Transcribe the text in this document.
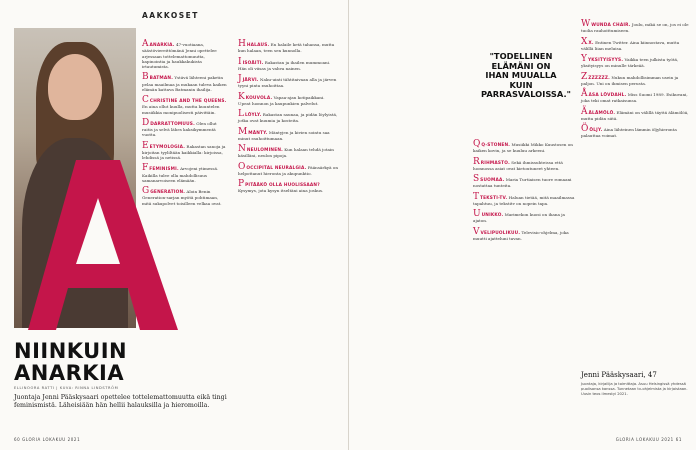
AAKKOSET
NIINKUIN
ANARKIA
ELLINOORA RATTI | KUVA: RINNA LINDSTRÖM
Juontaja Jenni Pääskysaari opettelee tottelemattomuutta eikä tingi feminismistä. Läheisiään hän hellii halauksilla ja hieromoilla.
AANARKIA. 47-vuotiaana, säästöviereittömänä Jenni opettelee arjessaan tottelemattomuutta, kapinointia ja haukkakukista irtautumista.
BBATMAN. Ystävä lähteeni paketin pelaa maailmaa ja mukaan tuleva kaiken elämän kattava Batmanin ihailija.
CCHRISTINE AND THE QUEENS. En aina ollut kuulla, mutta kuuntelen musiikkia monipuolisesti päivittäin.
DDARRATTOMUUS. Olen ollut raitis ja selvä lähes kaksikymmentä vuotta.
EETYMOLOGIA. Rakastan sanoja ja kirjoitan tyyliltään kaikkialla: kirjoissa, lehdissä ja netissä.
FFEMINISMI. Arvojeni ytimessä. Kaikilla tulee olla mahdollisuus samanarvoiseen elämään.
GGENERATION. Aloin Benin Generation-sarjan myötä pohtimaan, mitä sukupolvet toisilleen velkaa ovat.
HHALAUS. En halaile ketä tahansa, mutta kun halaan, teen sen kunnolla.
IISOÄITI. Rakastan ja ihailen mummoani. Hän oli viisas ja vahva nainen.
JJÄRVI. Naku-uinti tähtitaivaan alla ja järven tyyni pinta rauhoittaa.
KKOUVOLA. Vapaa-ajan kotipaikkani. Upeat luonnon ja kaupunkien palvelut.
LLÖYLY. Rakastan saunaa, ja pidän löylyistä, jotka ovat kuumia ja kosteita.
MMÄNTY. Mäntyjen ja kivien sointu saa minut rauhoittumaan.
NNEULOMINEN. Kun halaan tehdä jotain käsilläni, neulon pipoja.
OOCCIPITAL NEURALGIA. Päänsärkyä on helpottanut hieronta ja akupunktio.
PPITÄÄKÖ OLLA HUOLISSAAN? Kysymys, jota kysyn itseltäni aina joskus.
60 GLORIA LOKAKUU 2021
"TODELLINEN ELÄMÄNI ON IHAN MUUALLA KUIN PARRASVALOISSA."
QQ-STONEN. Musiikki Mikko Kuustosen on kaiken kovin, ja se kuuluu arkeeni.
RRIHMASTO. Sekä ihmissuhteissa että luonnossa asiat ovat kietoutuneet yhteen.
SSUOMAA. Maria Turtiaisen tuore romaani nostattaa tunteita.
TTEKSTI-TV. Haluan tietää, mitä maailmassa tapahtuu, ja tekstitv on nopein tapa.
UUNIKKO. Marimekon kuosi on ihana ja ajaton.
VVELIPUOLIKUU. Televisio-ohjelma, joka muutti ajatteluni tavan.
WWUNDA CHAIR. Joulu, mikä se on, jos ei ole tuolia rauhoittumiseen.
XX. Entinen Twitter. Aina kiinnostava, mutta välillä liian meluisa.
YYKSITYISYYS. Vaikka teen julkista työtä, yksityisyys on minulle tärkeää.
ZZZZZZZ. Nukun mahdollisimman usein ja paljon. Uni on ihmisen perusta.
ÅÅSA LÖVDAHL. Miss Suomi 1989. Esikuvani, joka teki omat ratkaisunsa.
ÄÄLÄMÖLÖ. Elämäni on välillä täyttä älämölöä, mutta pidän siitä.
ÖÖLJY. Aina lähteinen lämmin öljyhieronta palauttaa voimat.
Jenni Pääskysaari, 47
Juontaja, kirjailija ja toimittaja. Asuu Helsingissä yhdessä puolisonsa kanssa. Tunnetaan tv-ohjelmista ja kirjoistaan. Uusin teos ilmestyi 2021.
GLORIA LOKAKUU 2021 61
